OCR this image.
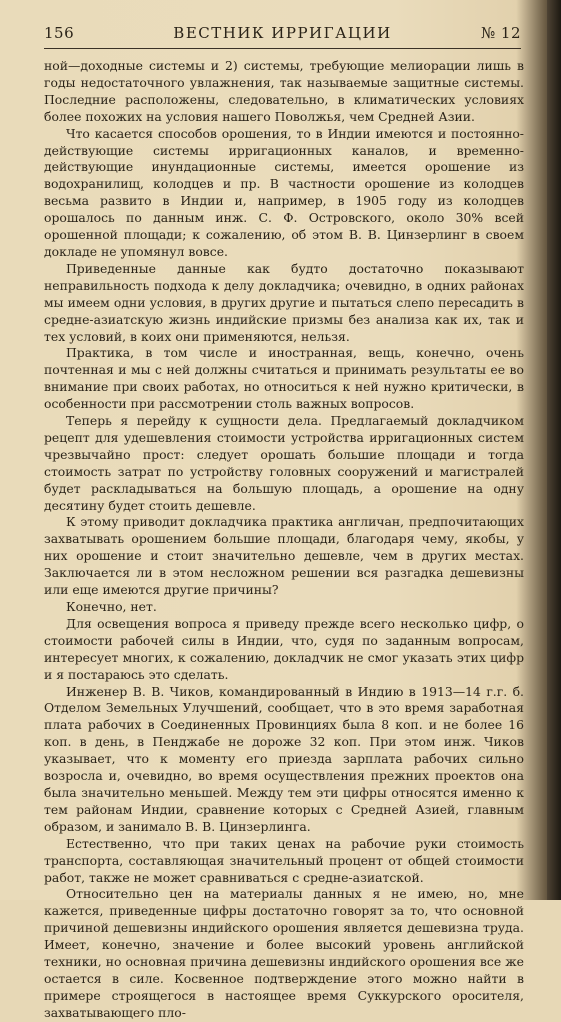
156	ВЕСТНИК ИРРИГАЦИИ	№ 12

ной—доходные системы и 2) системы, требующие мелиорации лишь в годы недостаточного увлажнения, так называемые защитные системы. Последние расположены, следовательно, в климатических условиях более похожих на условия нашего Поволжья, чем Средней Азии.

Что касается способов орошения, то в Индии имеются и постоянно-действующие системы ирригационных каналов, и временно-действующие инундационные системы, имеется орошение из водохранилищ, колодцев и пр. В частности орошение из колодцев весьма развито в Индии и, например, в 1905 году из колодцев орошалось по данным инж. С. Ф. Островского, около 30% всей орошенной площади; к сожалению, об этом В. В. Цинзерлинг в своем докладе не упомянул вовсе.

Приведенные данные как будто достаточно показывают неправильность подхода к делу докладчика; очевидно, в одних районах мы имеем одни условия, в других другие и пытаться слепо пересадить в средне-азиатскую жизнь индийские призмы без анализа как их, так и тех условий, в коих они применяются, нельзя.

Практика, в том числе и иностранная, вещь, конечно, очень почтенная и мы с ней должны считаться и принимать результаты ее во внимание при своих работах, но относиться к ней нужно критически, в особенности при рассмотрении столь важных вопросов.

Теперь я перейду к сущности дела. Предлагаемый докладчиком рецепт для удешевления стоимости устройства ирригационных систем чрезвычайно прост: следует орошать большие площади и тогда стоимость затрат по устройству головных сооружений и магистралей будет раскладываться на большую площадь, а орошение на одну десятину будет стоить дешевле.

К этому приводит докладчика практика англичан, предпочитающих захватывать орошением большие площади, благодаря чему, якобы, у них орошение и стоит значительно дешевле, чем в других местах. Заключается ли в этом несложном решении вся разгадка дешевизны или еще имеются другие причины?

Конечно, нет.

Для освещения вопроса я приведу прежде всего несколько цифр, о стоимости рабочей силы в Индии, что, судя по заданным вопросам, интересует многих, к сожалению, докладчик не смог указать этих цифр и я постараюсь это сделать.

Инженер В. В. Чиков, командированный в Индию в 1913—14 г.г. б. Отделом Земельных Улучшений, сообщает, что в это время заработная плата рабочих в Соединенных Провинциях была 8 коп. и не более 16 коп. в день, в Пенджабе не дороже 32 коп. При этом инж. Чиков указывает, что к моменту его приезда зарплата рабочих сильно возросла и, очевидно, во время осуществления прежних проектов она была значительно меньшей. Между тем эти цифры относятся именно к тем районам Индии, сравнение которых с Средней Азией, главным образом, и занимало В. В. Цинзерлинга.

Естественно, что при таких ценах на рабочие руки стоимость транспорта, составляющая значительный процент от общей стоимости работ, также не может сравниваться с средне-азиатской.

Относительно цен на материалы данных я не имею, но, мне кажется, приведенные цифры достаточно говорят за то, что основной причиной дешевизны индийского орошения является дешевизна труда. Имеет, конечно, значение и более высокий уровень английской техники, но основная причина дешевизны индийского орошения все же остается в силе. Косвенное подтверждение этого можно найти в примере строящегося в настоящее время Суккурского оросителя, захватывающего пло-
